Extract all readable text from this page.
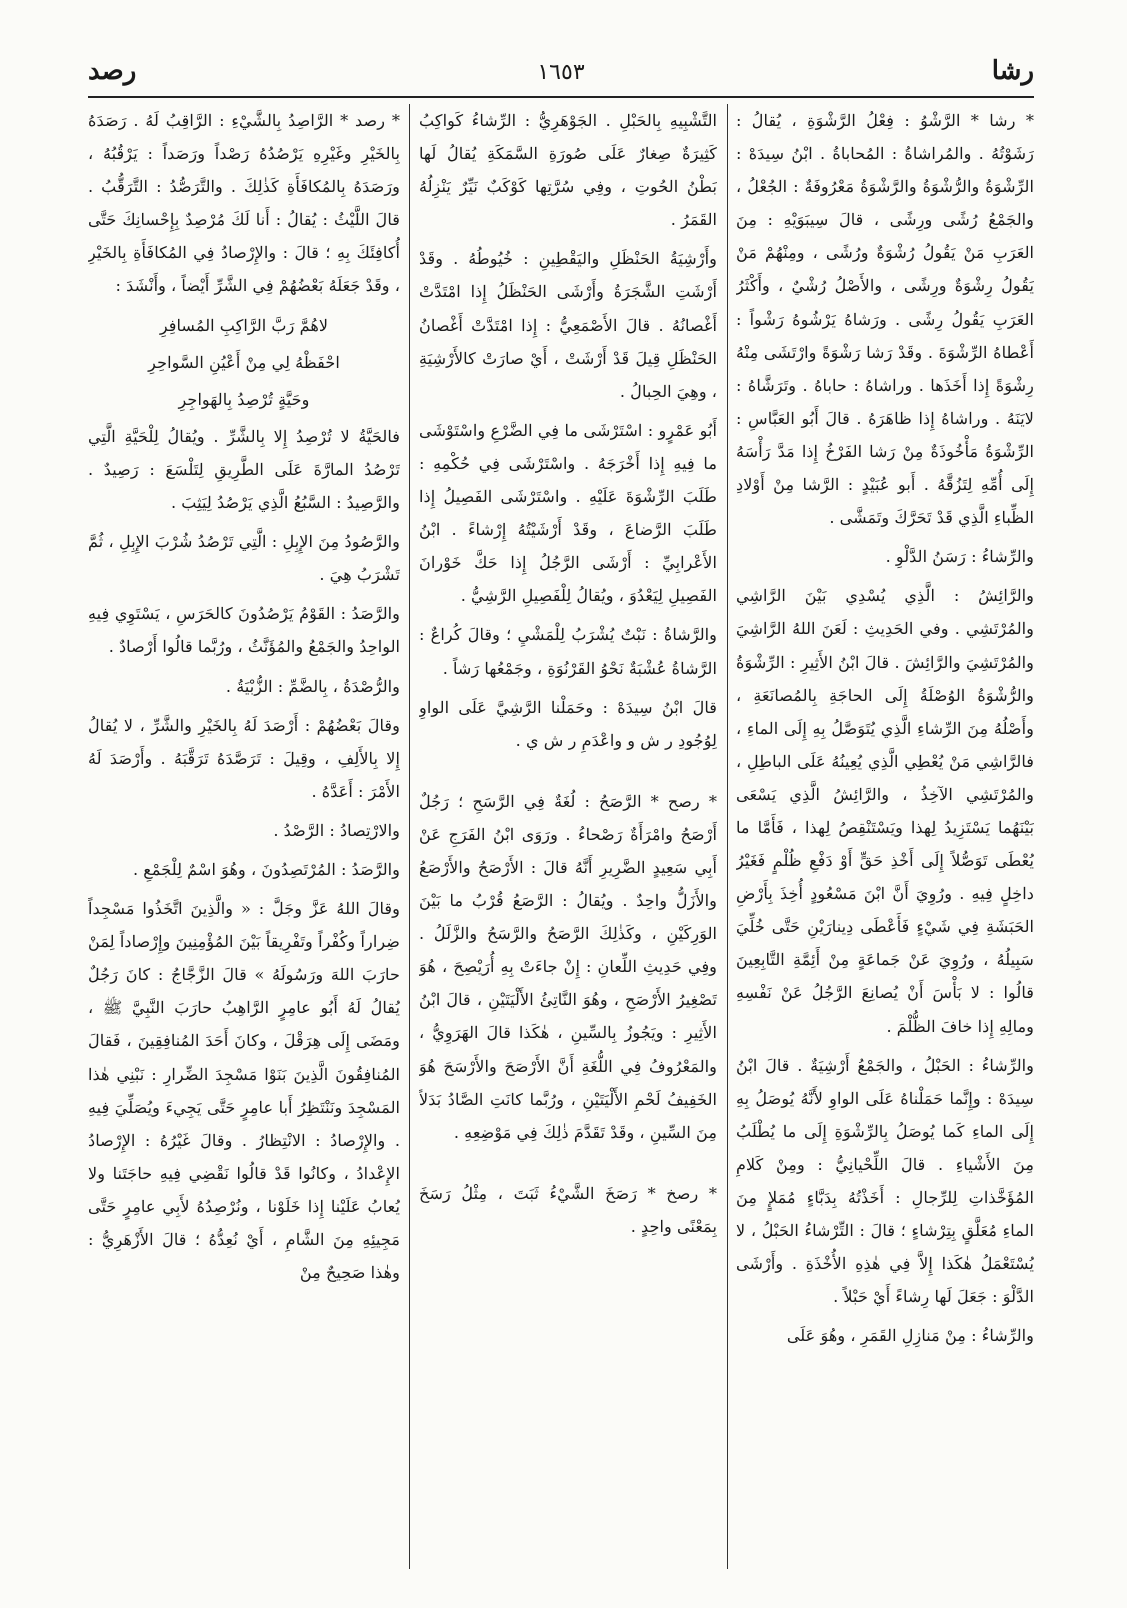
رشا
١٦٥٣
رصد

* رشا * الرَّشْوُ : فِعْلُ الرَّشْوَةِ ، يُقالُ : رَشَوْتُهُ . والمُراشاةُ : المُحاباةُ . ابْنُ سِيدَهْ : الرِّشْوَةُ والرُّشْوَةُ والرَّشْوَةُ مَعْرُوفَةٌ : الجُعْلُ ، والجَمْعُ رُشًى ورِشًى ، قالَ سِيبَوَيْهِ : مِنَ العَرَبِ مَنْ يَقُولُ رُشْوَةٌ ورُشًى ، ومِنْهُمْ مَنْ يَقُولُ رِشْوَةٌ ورِشًى ، والأَصْلُ رُشْيٌ ، وأَكْثَرُ العَرَبِ يَقُولُ رِشًى . ورَشاهُ يَرْشُوهُ رَشْواً : أَعْطاهُ الرِّشْوَةَ . وقَدْ رَشا رَشْوَةً وارْتَشَى مِنْهُ رِشْوَةً إِذا أَخَذَها . وراشاهُ : حاباهُ . وتَرَشَّاهُ : لايَنَهُ . وراشاهُ إِذا ظاهَرَهُ . قالَ أَبُو العَبَّاسِ : الرِّشْوَةُ مَأْخُوذَةٌ مِنْ رَشا الفَرْخُ إِذا مَدَّ رَأْسَهُ إِلَى أُمِّهِ لِتَزُقَّهُ . أَبو عُبَيْدٍ : الرَّشا مِنْ أَوْلادِ الظِّباءِ الَّذِي قَدْ تَحَرَّكَ وتَمَشَّى .

والرِّشاءُ : رَسَنُ الدَّلْوِ .

والرَّائِشُ : الَّذِي يُسْدِي بَيْنَ الرَّاشِي والمُرْتَشِي . وفي الحَدِيثِ : لَعَنَ اللهُ الرَّاشِيَ والمُرْتَشِيَ والرَّائِشَ . قالَ ابْنُ الأَثِيرِ : الرِّشْوَةُ والرُّشْوَةُ الوُصْلَةُ إِلَى الحاجَةِ بِالمُصانَعَةِ ، وأَصْلُهُ مِنَ الرِّشاءِ الَّذِي يُتَوَصَّلُ بِهِ إِلَى الماءِ ، فالرَّاشِي مَنْ يُعْطِي الَّذِي يُعِينُهُ عَلَى الباطِلِ ، والمُرْتَشِي الآخِذُ ، والرَّائِشُ الَّذِي يَسْعَى بَيْنَهُما يَسْتَزِيدُ لِهذا ويَسْتَنْقِصُ لِهذا ، فَأَمَّا ما يُعْطَى تَوَصُّلاً إِلَى أَخْذِ حَقٍّ أَوْ دَفْعِ ظُلْمٍ فَغَيْرُ داخِلٍ فِيهِ . ورُوِيَ أَنَّ ابْنَ مَسْعُودٍ أُخِذَ بِأَرْضِ الحَبَشَةِ فِي شَيْءٍ فَأَعْطَى دِينارَيْنِ حَتَّى خُلِّيَ سَبِيلُهُ ، ورُوِيَ عَنْ جَماعَةٍ مِنْ أَئِمَّةِ التَّابِعِينَ قالُوا : لا بَأْسَ أَنْ يُصانِعَ الرَّجُلُ عَنْ نَفْسِهِ ومالِهِ إِذا خافَ الظُّلْمَ .

والرِّشاءُ : الحَبْلُ ، والجَمْعُ أَرْشِيَةٌ . قالَ ابْنُ سِيدَهْ : وإِنَّما حَمَلْناهُ عَلَى الواوِ لأَنَّهُ يُوصَلُ بِهِ إِلَى الماءِ كَما يُوصَلُ بِالرِّشْوَةِ إِلَى ما يُطْلَبُ مِنَ الأَشْياءِ . قالَ اللِّحْيانِيُّ : ومِنْ كَلامِ المُؤَخَّذاتِ لِلرِّجالِ : أَخَذْتُهُ بِدَبَّاءٍ مُمَلإٍ مِنَ الماءِ مُعَلَّقٍ بِتِرْشاءٍ ؛ قالَ : التِّرْشاءُ الحَبْلُ ، لا يُسْتَعْمَلُ هٰكَذا إِلاَّ فِي هٰذِهِ الأُخْذَةِ . وأَرْشَى الدَّلْوَ : جَعَلَ لَها رِشاءً أَيْ حَبْلاً .

والرِّشاءُ : مِنْ مَنازِلِ القَمَرِ ، وهُوَ عَلَى

التَّشْبِيهِ بِالحَبْلِ . الجَوْهَرِيُّ : الرِّشاءُ كَواكِبُ كَثِيرَةٌ صِغارٌ عَلَى صُورَةِ السَّمَكَةِ يُقالُ لَها بَطْنُ الحُوتِ ، وفِي سُرَّتِها كَوْكَبٌ نَيِّرٌ يَنْزِلُهُ القَمَرُ .

وأَرْشِيَةُ الحَنْظَلِ واليَقْطِينِ : خُيُوطُهُ . وقَدْ أَرْشَتِ الشَّجَرَةُ وأَرْشَى الحَنْظَلُ إِذا امْتَدَّتْ أَغْصانُهُ . قالَ الأَصْمَعِيُّ : إِذا امْتَدَّتْ أَغْصانُ الحَنْظَلِ قِيلَ قَدْ أَرْشَتْ ، أَيْ صارَتْ كالأَرْشِيَةِ ، وهِيَ الحِبالُ .

أَبُو عَمْرٍو : اسْتَرْشَى ما فِي الضَّرْعِ واسْتَوْشَى ما فِيهِ إِذا أَخْرَجَهُ . واسْتَرْشَى فِي حُكْمِهِ : طَلَبَ الرِّشْوَةَ عَلَيْهِ . واسْتَرْشَى الفَصِيلُ إِذا طَلَبَ الرَّضاعَ ، وقَدْ أَرْشَيْتُهُ إِرْشاءً . ابْنُ الأَعْرابِيِّ : أَرْشَى الرَّجُلُ إِذا حَكَّ خَوْرانَ الفَصِيلِ لِيَعْدُوَ ، ويُقالُ لِلْفَصِيلِ الرَّشِيُّ .

والرَّشاةُ : نَبْتٌ يُشْرَبُ لِلْمَشْيِ ؛ وقالَ كُراعٌ : الرَّشاةُ عُشْبَةٌ نَحْوُ القَرْنُوَةِ ، وجَمْعُها رَشاً .

قالَ ابْنُ سِيدَهْ : وحَمَلْنا الرَّشِيَّ عَلَى الواوِ لِوُجُودِ ر ش و واعْدَمِ ر ش ي .

* رصح * الرَّصَحُ : لُغَةٌ فِي الرَّسَحِ ؛ رَجُلٌ أَرْصَحُ وامْرَأَةٌ رَصْحاءُ . ورَوَى ابْنُ الفَرَجِ عَنْ أَبِي سَعِيدٍ الضَّرِيرِ أَنَّهُ قالَ : الأَرْصَحُ والأَرْصَعُ والأَزَلُّ واحِدٌ . ويُقالُ : الرَّصَعُ قُرْبُ ما بَيْنَ الوَرِكَيْنِ ، وكَذٰلِكَ الرَّصَحُ والرَّسَحُ والزَّلَلُ . وفِي حَدِيثِ اللِّعانِ : إِنْ جاءَتْ بِهِ أُرَيْصِحَ ، هُوَ تَصْغِيرُ الأَرْصَحِ ، وهُوَ النَّاتِئُ الأَلْيَتَيْنِ ، قالَ ابْنُ الأَثِيرِ : ويَجُوزُ بِالسِّينِ ، هٰكَذا قالَ الهَرَوِيُّ ، والمَعْرُوفُ فِي اللُّغَةِ أَنَّ الأَرْصَحَ والأَرْسَحَ هُوَ الخَفِيفُ لَحْمِ الأَلْيَتَيْنِ ، ورُبَّما كانَتِ الصَّادُ بَدَلاً مِنَ السِّينِ ، وقَدْ تَقَدَّمَ ذٰلِكَ فِي مَوْضِعِهِ .

* رصخ * رَصَخَ الشَّيْءُ ثَبَتَ ، مِثْلُ رَسَخَ بِمَعْنًى واحِدٍ .

* رصد * الرَّاصِدُ بِالشَّيْءِ : الرَّاقِبُ لَهُ . رَصَدَهُ بِالخَيْرِ وغَيْرِهِ يَرْصُدُهُ رَصْداً ورَصَداً : يَرْقُبُهُ ، ورَصَدَهُ بِالمُكافَأَةِ كَذٰلِكَ . والتَّرَصُّدُ : التَّرَقُّبُ . قالَ اللَّيْثُ : يُقالُ : أَنا لَكَ مُرْصِدٌ بِإِحْسانِكَ حَتَّى أُكافِئَكَ بِهِ ؛ قالَ : والإِرْصادُ فِي المُكافَأَةِ بِالخَيْرِ ، وقَدْ جَعَلَهُ بَعْضُهُمْ فِي الشَّرِّ أَيْضاً ، وأَنْشَدَ :

لاهُمَّ رَبَّ الرَّاكِبِ المُسافِرِ

احْفَظْهُ لِي مِنْ أَعْيُنِ السَّواحِرِ

وحَيَّةٍ تُرْصِدُ بِالهَواجِرِ

فالحَيَّةُ لا تُرْصِدُ إِلا بِالشَّرِّ . ويُقالُ لِلْحَيَّةِ الَّتِي تَرْصُدُ المارَّةَ عَلَى الطَّرِيقِ لِتَلْسَعَ : رَصِيدٌ . والرَّصِيدُ : السَّبُعُ الَّذِي يَرْصُدُ لِيَثِبَ .

والرَّصُودُ مِنَ الإِبِلِ : الَّتِي تَرْصُدُ شُرْبَ الإِبِلِ ، ثُمَّ تَشْرَبُ هِيَ .

والرَّصَدُ : القَوْمُ يَرْصُدُونَ كالحَرَسِ ، يَسْتَوِي فِيهِ الواحِدُ والجَمْعُ والمُؤَنَّثُ ، ورُبَّما قالُوا أَرْصادٌ .

والرُّصْدَةُ ، بِالضَّمِّ : الزُّبْيَةُ .

وقالَ بَعْضُهُمْ : أَرْصَدَ لَهُ بِالخَيْرِ والشَّرِّ ، لا يُقالُ إِلا بِالأَلِفِ ، وقِيلَ : تَرَصَّدَهُ تَرَقَّبَهُ . وأَرْصَدَ لَهُ الأَمْرَ : أَعَدَّهُ .

والارْتِصادُ : الرَّصْدُ .

والرَّصَدُ : المُرْتَصِدُونَ ، وهُوَ اسْمٌ لِلْجَمْعِ .

وقالَ اللهُ عَزَّ وجَلَّ : « والَّذِينَ اتَّخَذُوا مَسْجِداً ضِراراً وكُفْراً وتَفْرِيقاً بَيْنَ المُؤْمِنِينَ وإِرْصاداً لِمَنْ حارَبَ اللهَ ورَسُولَهُ » قالَ الزَّجَّاجُ : كانَ رَجُلٌ يُقالُ لَهُ أَبُو عامِرٍ الرَّاهِبُ حارَبَ النَّبِيَّ ﷺ ، ومَضَى إِلَى هِرَقْلَ ، وكانَ أَحَدَ المُنافِقِينَ ، فَقالَ المُنافِقُونَ الَّذِينَ بَنَوْا مَسْجِدَ الضِّرارِ : نَبْنِي هٰذا المَسْجِدَ ونَنْتَظِرُ أَبا عامِرٍ حَتَّى يَجِيءَ ويُصَلِّيَ فِيهِ . والإِرْصادُ : الانْتِظارُ . وقالَ غَيْرُهُ : الإِرْصادُ الإِعْدادُ ، وكانُوا قَدْ قالُوا نَقْضِي فِيهِ حاجَتَنا ولا يُعابُ عَلَيْنا إِذا خَلَوْنا ، ونُرْصِدُهُ لأَبِي عامِرٍ حَتَّى مَجِيئِهِ مِنَ الشَّامِ ، أَيْ نُعِدُّهُ ؛ قالَ الأَزْهَرِيُّ : وهٰذا صَحِيحٌ مِنْ
